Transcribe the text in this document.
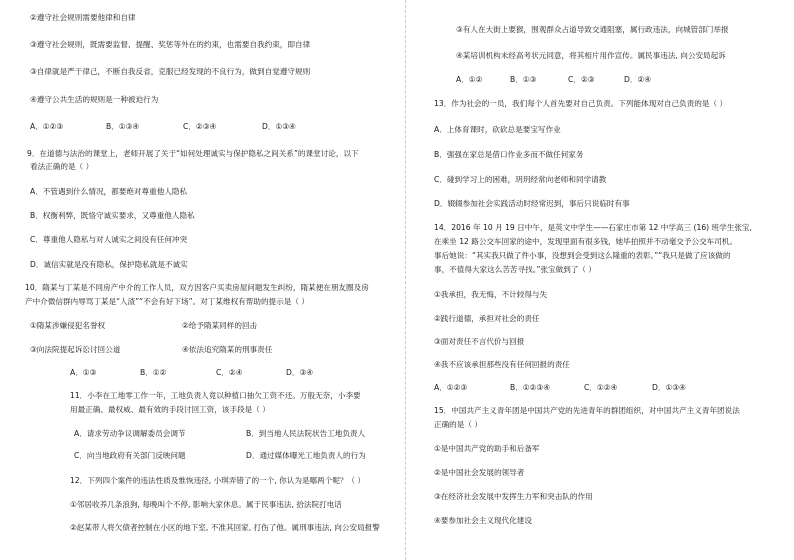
②遵守社会规则需要他律和自律
③遵守社会规则，既需要监督、提醒、奖惩等外在的约束，也需要自我约束，即自律
③自律就是严于律己，不断自我反省，克服已经发现的不良行为，做到自觉遵守规则
④遵守公共生活的规则是一种被迫行为
A．①②③	B．①③④	C．②③④	D．①③④
9．在道德与法治的课堂上，老师开展了关于“如何处理诚实与保护隐私之间关系”的课堂讨论，以下
看法正确的是（ ）
A．不管遇到什么情况，都要绝对尊重他人隐私
B．权衡利弊，既恪守诚实要求，又尊重他人隐私
C．尊重他人隐私与对人诚实之间没有任何冲突
D．诚信实就是没有隐私，保护隐私就是不诚实
10．隋某与丁某是不同房产中介的工作人员，双方因客户买卖房屋问题发生纠纷，隋某便在朋友圈及房
产中介微信群内辱骂丁某是“人渣”“不会有好下场”。对丁某维权有帮助的提示是（ ）
①隋某涉嫌侵犯名誉权	②给予隋某同样的回击
③向法院提起诉讼讨回公道	④依法追究隋某的刑事责任
A．①③	B．①②	C．②④	D．③④
11．小李在工地零工作一年，工地负责人竟以种植口抽欠工资不还。万般无奈，小李要
用最正确、最权威、最有效的手段讨回工资，该手段是（ ）
A．请求劳动争议调解委员会调节	B．到当地人民法院状告工地负责人
C．向当地政府有关部门反映问题	D．通过媒体曝光工地负责人的行为
12．下列四个案件的违法性质及惟恢违径, 小琪弄错了的一个, 你认为是哪两个呢？（ ）
①邻居收养几条浪狗, 每晚叫个不停, 影响大家休息。属于民事违法, 拾法院打电话
②赵某带人将欠债者控制在小区的地下室, 不准其回家, 打伤了他。属刑事违法, 向公安局报警
③有人在大街上要猴，围观群众占道导致交通阻塞，属行政违法，向城管部门举报
④某培训机构未经高考状元同意，将其相片用作宣传。属民事违法, 向公安局起诉
A．①②	B．①③	C．②③	D．②④
13．作为社会的一员，我们每个人首先要对自己负责。下列能体现对自己负责的是（ ）
A．上体育课时，砍砍总是要宝写作业
B．强强在家总是借口作业多而不做任何家务
C．碰到学习上的困难，玥玥经常向老师和同学请教
D．辍辍参加社会实践活动时经常迟到，事后只说临时有事
14．2016 年 10 月 19 日中午，是英文中学生——石家庄市第 12 中学高三 (16) 班学生张宝,
在乘坐 12 路公交车回家的途中，发现里面有很多钱，她毕拍照并不动毫交予公交车司机。
事后她说：“其实我只做了件小事，没想到会受到这么隆重的表彰。”“我只是做了应该做的
事，不值得大家这么苦苦寻找。”张宝做到了（ ）
①我承担，我无悔，不计较得与失
②践行道德，承担对社会的责任
③面对责任不言代价与回报
④我不应该承担那些没有任何回报的责任
A．①②③	B．①②③④	C．①②④	D．①③④
15．中国共产主义青年团是中国共产党的先进青年的群团组织，对中国共产主义青年团说法
正确的是（ ）
①是中国共产党的助手和后备军
②是中国社会发展的领导者
③在经济社会发展中发挥生力军和突击队的作用
④要参加社会主义现代化建设
